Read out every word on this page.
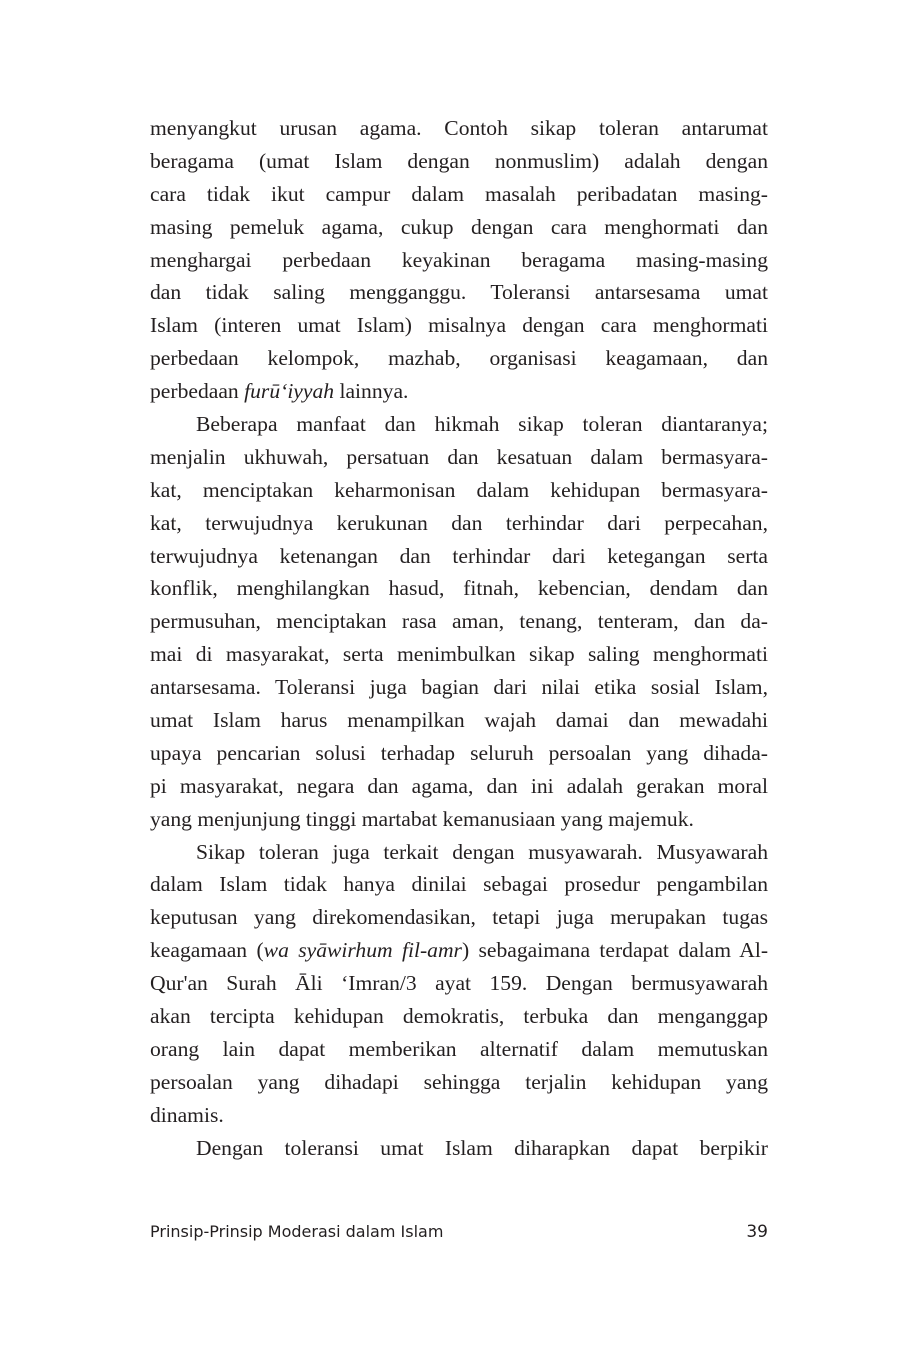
menyangkut urusan agama. Contoh sikap toleran antarumat
beragama (umat Islam dengan nonmuslim) adalah dengan
cara tidak ikut campur dalam masalah peribadatan masing-
masing pemeluk agama, cukup dengan cara menghormati dan
menghargai perbedaan keyakinan beragama masing-masing
dan tidak saling mengganggu. Toleransi antarsesama umat
Islam (interen umat Islam) misalnya dengan cara menghormati
perbedaan kelompok, mazhab, organisasi keagamaan, dan
perbedaan furū‘iyyah lainnya.
Beberapa manfaat dan hikmah sikap toleran diantaranya;
menjalin ukhuwah, persatuan dan kesatuan dalam bermasyara-
kat, menciptakan keharmonisan dalam kehidupan bermasyara-
kat, terwujudnya kerukunan dan terhindar dari perpecahan,
terwujudnya ketenangan dan terhindar dari ketegangan serta
konflik, menghilangkan hasud, fitnah, kebencian, dendam dan
permusuhan, menciptakan rasa aman, tenang, tenteram, dan da-
mai di masyarakat, serta menimbulkan sikap saling menghormati
antarsesama. Toleransi juga bagian dari nilai etika sosial Islam,
umat Islam harus menampilkan wajah damai dan mewadahi
upaya pencarian solusi terhadap seluruh persoalan yang dihada-
pi masyarakat, negara dan agama, dan ini adalah gerakan moral
yang menjunjung tinggi martabat kemanusiaan yang majemuk.
Sikap toleran juga terkait dengan musyawarah. Musyawarah
dalam Islam tidak hanya dinilai sebagai prosedur pengambilan
keputusan yang direkomendasikan, tetapi juga merupakan tugas
keagamaan (wa syāwirhum fil-amr) sebagaimana terdapat dalam Al-
Qur'an Surah Āli ‘Imran/3 ayat 159. Dengan bermusyawarah
akan tercipta kehidupan demokratis, terbuka dan menganggap
orang lain dapat memberikan alternatif dalam memutuskan
persoalan yang dihadapi sehingga terjalin kehidupan yang
dinamis.
Dengan toleransi umat Islam diharapkan dapat berpikir
Prinsip-Prinsip Moderasi dalam Islam	39
